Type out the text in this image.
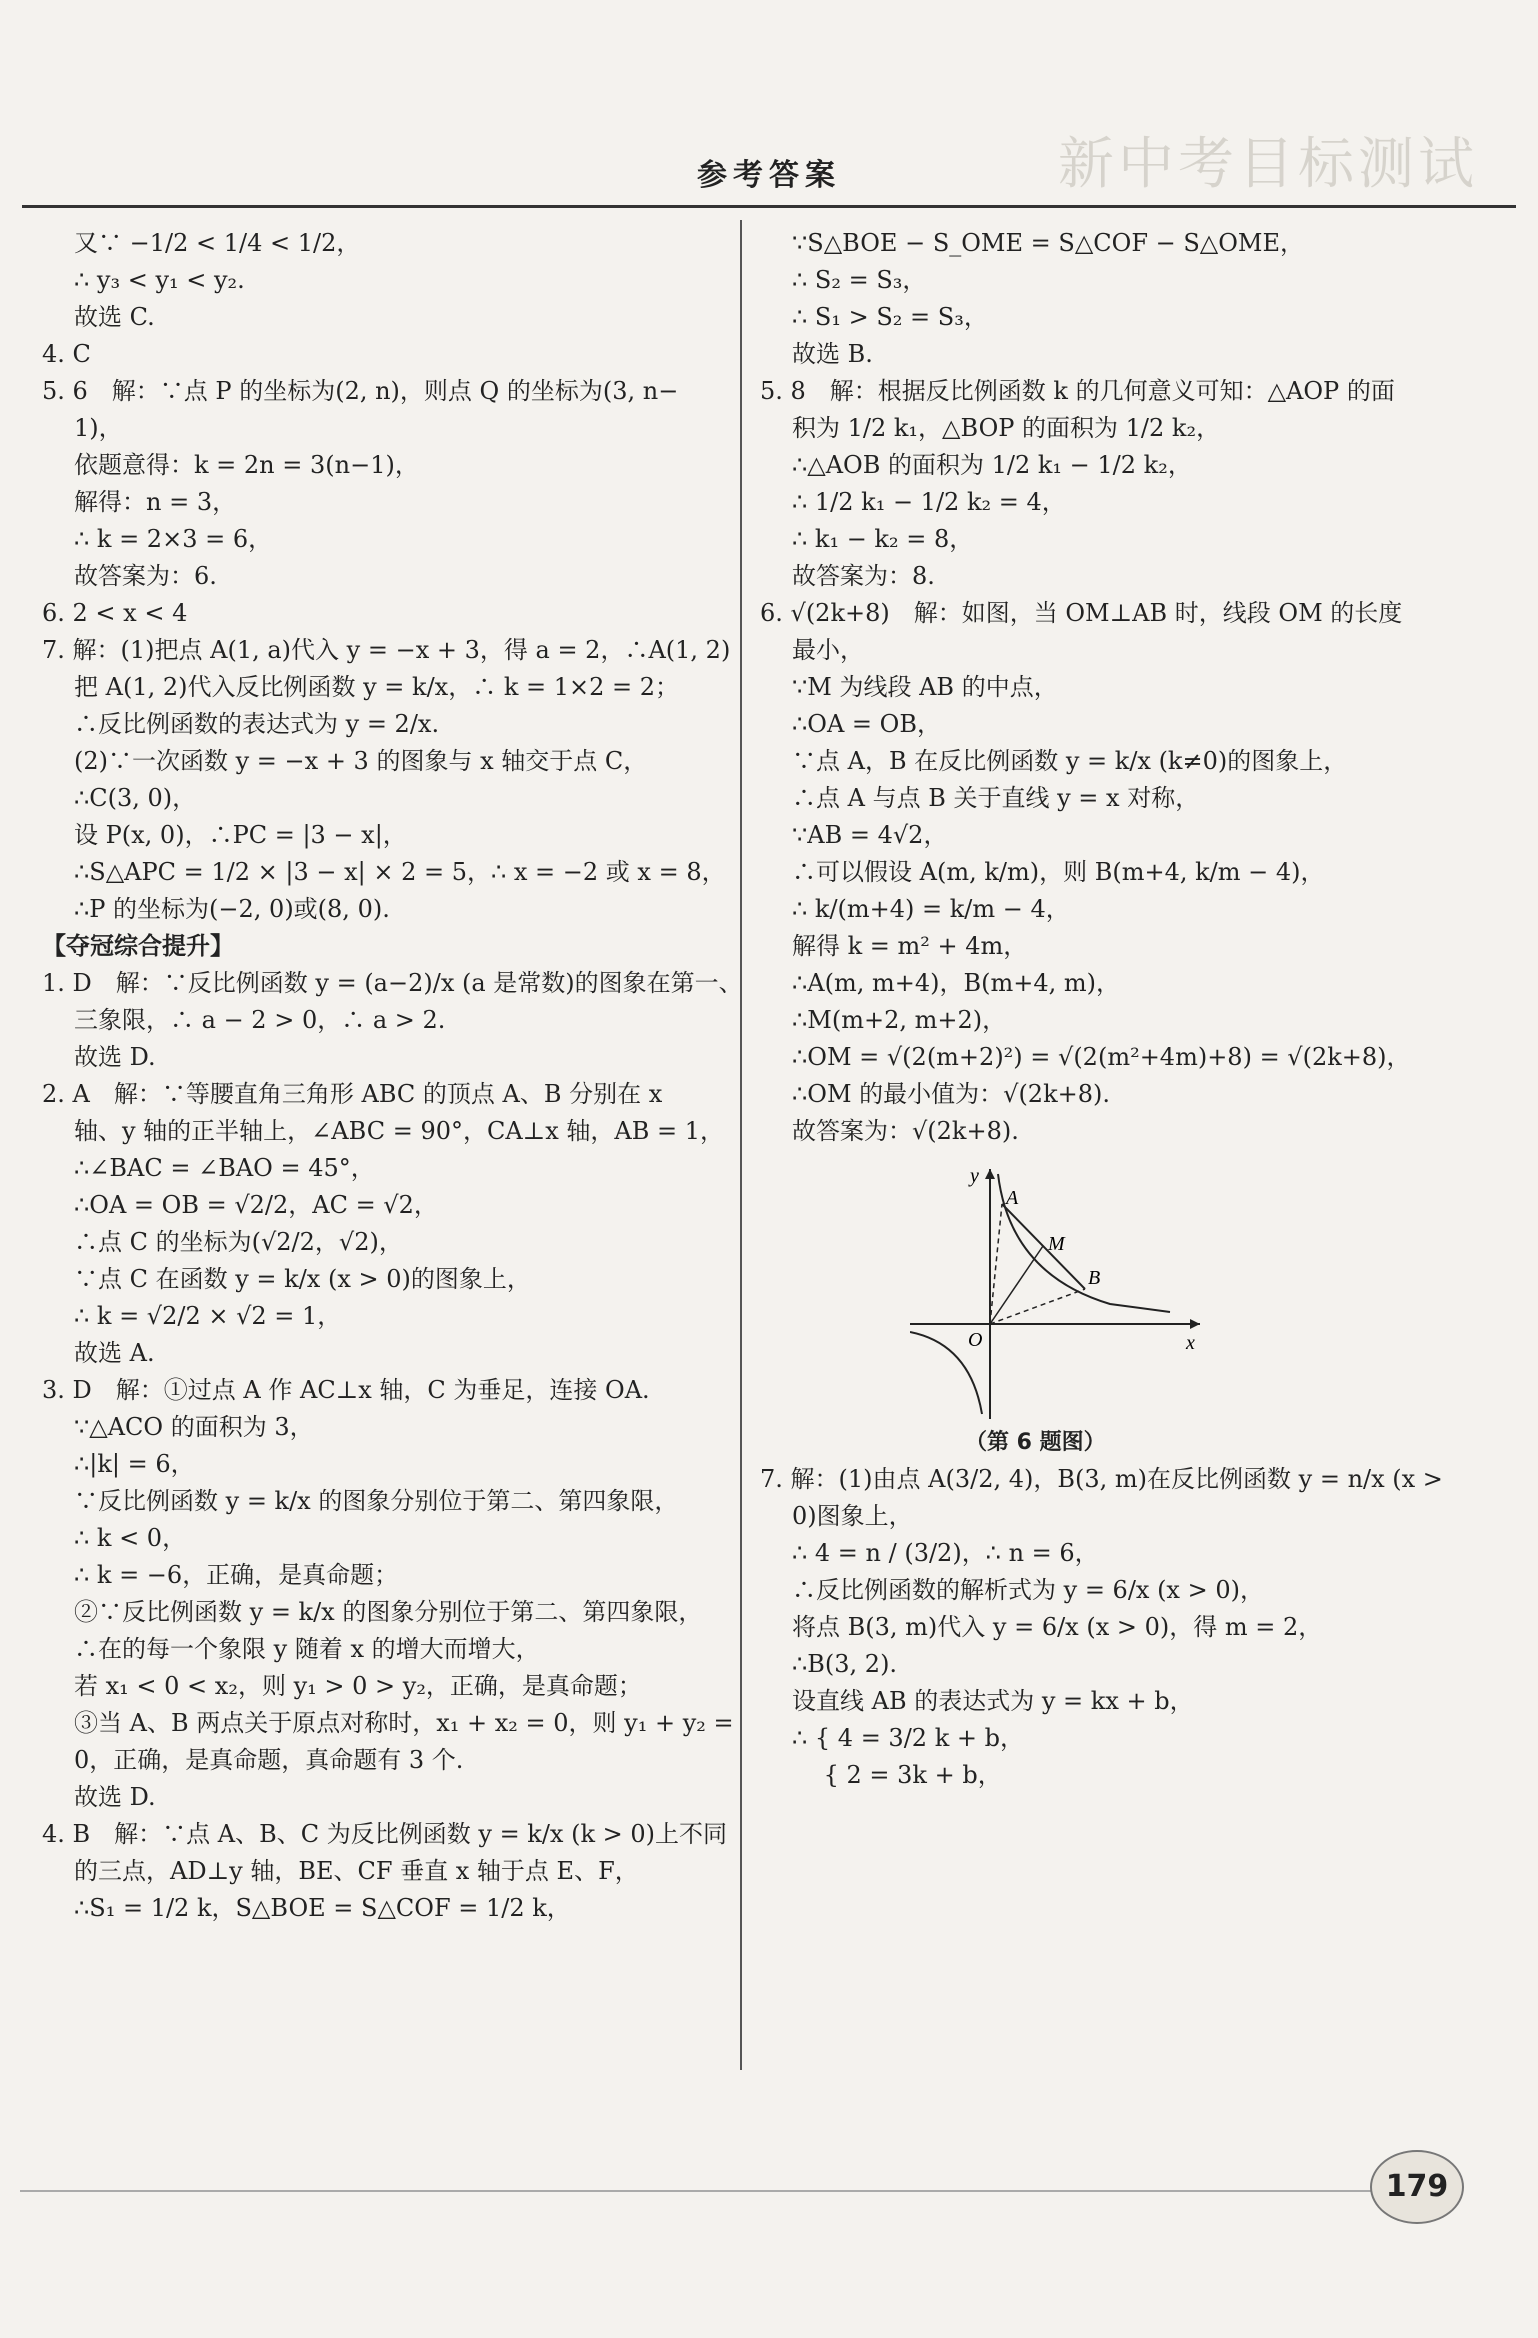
新中考目标测试
参考答案
又∵ −1/2 < 1/4 < 1/2，
∴ y₃ < y₁ < y₂.
故选 C.
4. C
5. 6　解：∵点 P 的坐标为(2, n)，则点 Q 的坐标为(3, n−
1)，
依题意得：k = 2n = 3(n−1)，
解得：n = 3，
∴ k = 2×3 = 6，
故答案为：6.
6. 2 < x < 4
7. 解：(1)把点 A(1, a)代入 y = −x + 3，得 a = 2，∴A(1, 2)
把 A(1, 2)代入反比例函数 y = k/x，∴ k = 1×2 = 2；
∴反比例函数的表达式为 y = 2/x.
(2)∵一次函数 y = −x + 3 的图象与 x 轴交于点 C，
∴C(3, 0)，
设 P(x, 0)，∴PC = |3 − x|，
∴S△APC = 1/2 × |3 − x| × 2 = 5，∴ x = −2 或 x = 8，
∴P 的坐标为(−2, 0)或(8, 0).
【夺冠综合提升】
1. D　解：∵反比例函数 y = (a−2)/x (a 是常数)的图象在第一、
三象限，∴ a − 2 > 0，∴ a > 2.
故选 D.
2. A　解：∵等腰直角三角形 ABC 的顶点 A、B 分别在 x
轴、y 轴的正半轴上，∠ABC = 90°，CA⊥x 轴，AB = 1，
∴∠BAC = ∠BAO = 45°，
∴OA = OB = √2/2，AC = √2，
∴点 C 的坐标为(√2/2，√2)，
∵点 C 在函数 y = k/x (x > 0)的图象上，
∴ k = √2/2 × √2 = 1，
故选 A.
3. D　解：①过点 A 作 AC⊥x 轴，C 为垂足，连接 OA.
∵△ACO 的面积为 3，
∴|k| = 6，
∵反比例函数 y = k/x 的图象分别位于第二、第四象限，
∴ k < 0，
∴ k = −6，正确，是真命题；
②∵反比例函数 y = k/x 的图象分别位于第二、第四象限，
∴在的每一个象限 y 随着 x 的增大而增大，
若 x₁ < 0 < x₂，则 y₁ > 0 > y₂，正确，是真命题；
③当 A、B 两点关于原点对称时，x₁ + x₂ = 0，则 y₁ + y₂ =
0，正确，是真命题，真命题有 3 个.
故选 D.
4. B　解：∵点 A、B、C 为反比例函数 y = k/x (k > 0)上不同
的三点，AD⊥y 轴，BE、CF 垂直 x 轴于点 E、F，
∴S₁ = 1/2 k，S△BOE = S△COF = 1/2 k，
∵S△BOE − S_OME = S△COF − S△OME，
∴ S₂ = S₃，
∴ S₁ > S₂ = S₃，
故选 B.
5. 8　解：根据反比例函数 k 的几何意义可知：△AOP 的面
积为 1/2 k₁，△BOP 的面积为 1/2 k₂，
∴△AOB 的面积为 1/2 k₁ − 1/2 k₂，
∴ 1/2 k₁ − 1/2 k₂ = 4，
∴ k₁ − k₂ = 8，
故答案为：8.
6. √(2k+8)　解：如图，当 OM⊥AB 时，线段 OM 的长度
最小，
∵M 为线段 AB 的中点，
∴OA = OB，
∵点 A，B 在反比例函数 y = k/x (k≠0)的图象上，
∴点 A 与点 B 关于直线 y = x 对称，
∵AB = 4√2，
∴可以假设 A(m, k/m)，则 B(m+4, k/m − 4)，
∴ k/(m+4) = k/m − 4，
解得 k = m² + 4m，
∴A(m, m+4)，B(m+4, m)，
∴M(m+2, m+2)，
∴OM = √(2(m+2)²) = √(2(m²+4m)+8) = √(2k+8)，
∴OM 的最小值为：√(2k+8).
故答案为：√(2k+8).
y
x
O
A
M
B
（第 6 题图）
7. 解：(1)由点 A(3/2, 4)，B(3, m)在反比例函数 y = n/x (x >
0)图象上，
∴ 4 = n / (3/2)，∴ n = 6，
∴反比例函数的解析式为 y = 6/x (x > 0)，
将点 B(3, m)代入 y = 6/x (x > 0)，得 m = 2，
∴B(3, 2).
设直线 AB 的表达式为 y = kx + b，
∴ { 4 = 3/2 k + b，
　 { 2 = 3k + b，
179
